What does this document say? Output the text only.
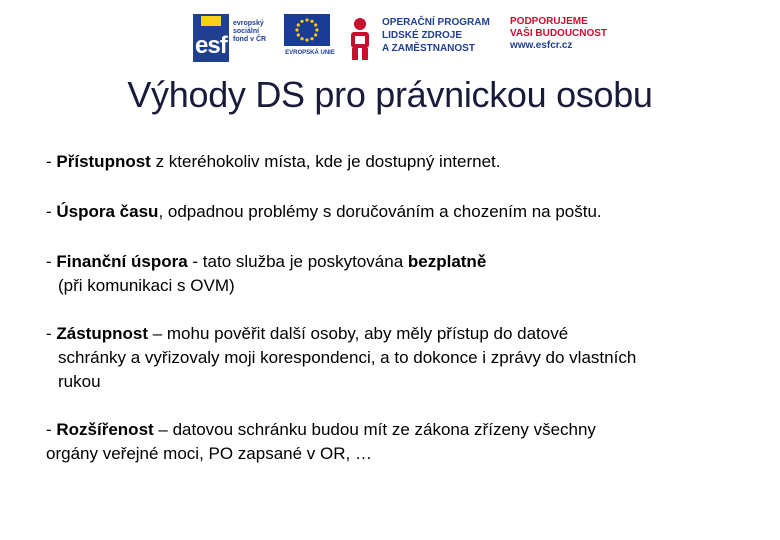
esf
evropský
sociální
fond v ČR
EVROPSKÁ UNIE
OPERAČNÍ PROGRAM
LIDSKÉ ZDROJE
A ZAMĚSTNANOST
PODPORUJEME
VAŠI BUDOUCNOST
www.esfcr.cz
Výhody DS pro právnickou osobu
- Přístupnost z kteréhokoliv místa, kde je dostupný internet.
- Úspora času, odpadnou problémy s doručováním a chozením na poštu.
- Finanční úspora - tato služba je poskytována bezplatně
(při komunikaci s OVM)
- Zástupnost – mohu pověřit další osoby, aby měly přístup do datové
schránky a vyřizovaly moji korespondenci, a to dokonce i zprávy do vlastních
rukou
- Rozšířenost – datovou schránku budou mít ze zákona zřízeny všechny
orgány veřejné moci, PO zapsané v OR, …
